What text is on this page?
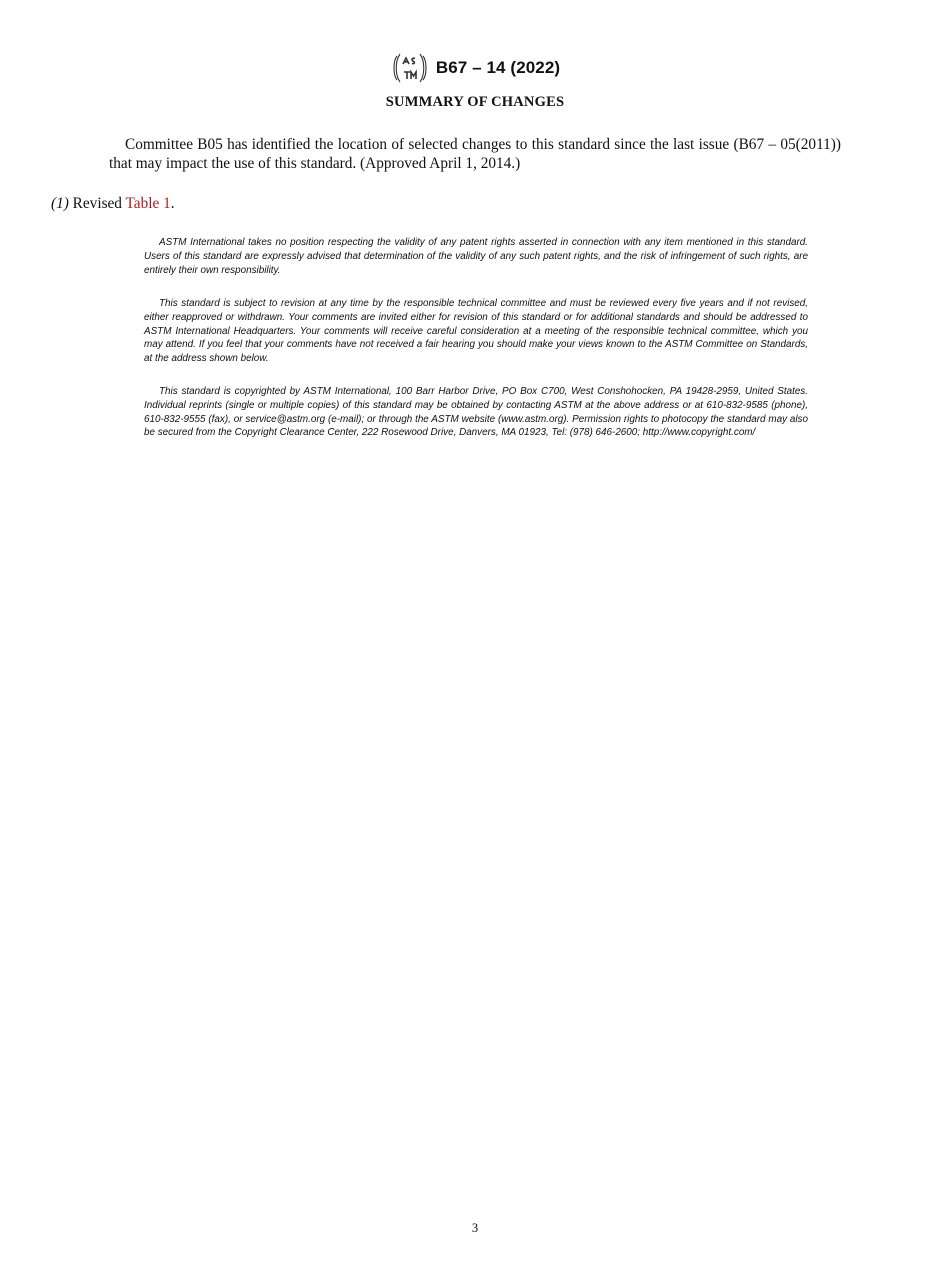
B67 – 14 (2022)
SUMMARY OF CHANGES

Committee B05 has identified the location of selected changes to this standard since the last issue (B67 – 05(2011)) that may impact the use of this standard. (Approved April 1, 2014.)

(1) Revised Table 1.

ASTM International takes no position respecting the validity of any patent rights asserted in connection with any item mentioned in this standard. Users of this standard are expressly advised that determination of the validity of any such patent rights, and the risk of infringement of such rights, are entirely their own responsibility.

This standard is subject to revision at any time by the responsible technical committee and must be reviewed every five years and if not revised, either reapproved or withdrawn. Your comments are invited either for revision of this standard or for additional standards and should be addressed to ASTM International Headquarters. Your comments will receive careful consideration at a meeting of the responsible technical committee, which you may attend. If you feel that your comments have not received a fair hearing you should make your views known to the ASTM Committee on Standards, at the address shown below.

This standard is copyrighted by ASTM International, 100 Barr Harbor Drive, PO Box C700, West Conshohocken, PA 19428-2959, United States. Individual reprints (single or multiple copies) of this standard may be obtained by contacting ASTM at the above address or at 610-832-9585 (phone), 610-832-9555 (fax), or service@astm.org (e-mail); or through the ASTM website (www.astm.org). Permission rights to photocopy the standard may also be secured from the Copyright Clearance Center, 222 Rosewood Drive, Danvers, MA 01923, Tel: (978) 646-2600; http://www.copyright.com/

3
